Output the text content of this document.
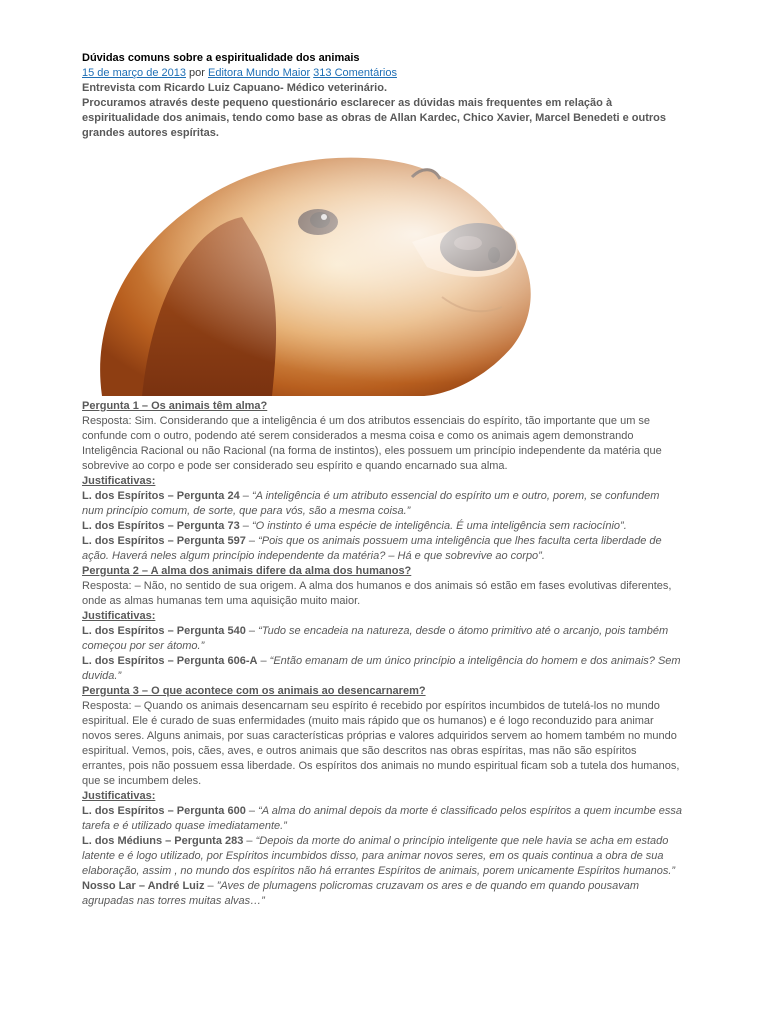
Dúvidas comuns sobre a espiritualidade dos animais

15 de março de 2013 por Editora Mundo Maior 313 Comentários

Entrevista com Ricardo Luiz Capuano- Médico veterinário.

Procuramos através deste pequeno questionário esclarecer as dúvidas mais frequentes em relação à espiritualidade dos animais, tendo como base as obras de Allan Kardec, Chico Xavier, Marcel Benedeti e outros grandes autores espíritas.

Pergunta 1 – Os animais têm alma?

Resposta: Sim. Considerando que a inteligência é um dos atributos essenciais do espírito, tão importante que um se confunde com o outro, podendo até serem considerados a mesma coisa e como os animais agem demonstrando Inteligência Racional ou não Racional (na forma de instintos), eles possuem um princípio independente da matéria que sobrevive ao corpo e pode ser considerado seu espírito e quando encarnado sua alma.

Justificativas:

L. dos Espíritos – Pergunta 24 – “A inteligência é um atributo essencial do espírito um e outro, porem, se confundem num princípio comum, de sorte, que para vós, são a mesma coisa.”

L. dos Espíritos – Pergunta 73 – “O instinto é uma espécie de inteligência. É uma inteligência sem raciocínio”.

L. dos Espíritos – Pergunta 597 – “Pois que os animais possuem uma inteligência que lhes faculta certa liberdade de ação. Haverá neles algum princípio independente da matéria? – Há e que sobrevive ao corpo”.

Pergunta 2 – A alma dos animais difere da alma dos humanos?

Resposta: – Não, no sentido de sua origem. A alma dos humanos e dos animais só estão em fases evolutivas diferentes, onde as almas humanas tem uma aquisição muito maior.

Justificativas:

L. dos Espíritos – Pergunta 540 – “Tudo se encadeia na natureza, desde o átomo primitivo até o arcanjo, pois também começou por ser átomo.”

L. dos Espíritos – Pergunta 606-A – “Então emanam de um único princípio a inteligência do homem e dos animais? Sem duvida.”

Pergunta 3 – O que acontece com os animais ao desencarnarem?

Resposta: – Quando os animais desencarnam seu espírito é recebido por espíritos incumbidos de tutelá-los no mundo espiritual. Ele é curado de suas enfermidades (muito mais rápido que os humanos) e é logo reconduzido para animar novos seres. Alguns animais, por suas características próprias e valores adquiridos servem ao homem também no mundo espiritual. Vemos, pois, cães, aves, e outros animais que são descritos nas obras espíritas, mas não são espíritos errantes, pois não possuem essa liberdade. Os espíritos dos animais no mundo espiritual ficam sob a tutela dos humanos, que se incumbem deles.

Justificativas:

L. dos Espíritos – Pergunta 600 – “A alma do animal depois da morte é classificado pelos espíritos a quem incumbe essa tarefa e é utilizado quase imediatamente.”

L. dos Médiuns – Pergunta 283 – “Depois da morte do animal o princípio inteligente que nele havia se acha em estado latente e é logo utilizado, por Espíritos incumbidos disso, para animar novos seres, em os quais continua a obra de sua elaboração, assim , no mundo dos espíritos não há errantes Espíritos de animais, porem unicamente Espíritos humanos.”

Nosso Lar – André Luiz – ”Aves de plumagens policromas cruzavam os ares e de quando em quando pousavam agrupadas nas torres muitas alvas…”
